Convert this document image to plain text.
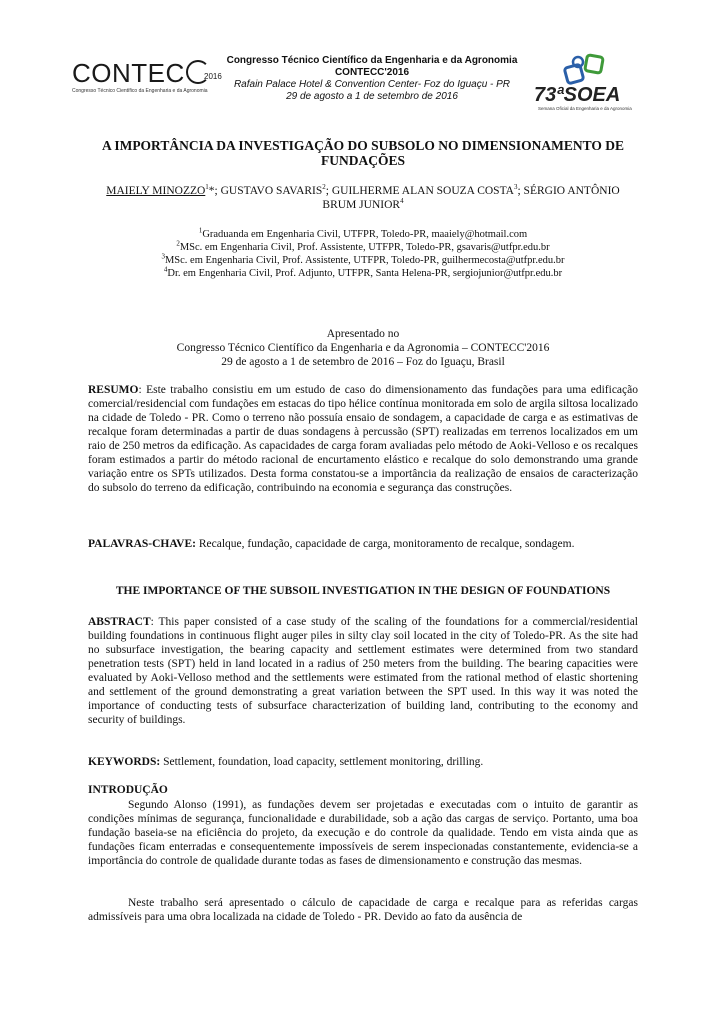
CONTEC	2016
Congresso Técnico Científico da Engenharia e da Agronomia
Congresso Técnico Científico da Engenharia e da Agronomia
CONTECC'2016
Rafain Palace Hotel & Convention Center- Foz do Iguaçu - PR
29 de agosto a 1 de setembro de 2016	73ªSOEA
Semana Oficial da Engenharia e da Agronomia
A IMPORTÂNCIA DA INVESTIGAÇÃO DO SUBSOLO NO DIMENSIONAMENTO DE FUNDAÇÕES
MAIELY MINOZZO$^1$*; GUSTAVO SAVARIS$^2$; GUILHERME ALAN SOUZA COSTA$^3$; SÉRGIO ANTÔNIO BRUM JUNIOR$^4$
$^1$Graduanda em Engenharia Civil, UTFPR, Toledo-PR, maaiely@hotmail.com
$^2$MSc. em Engenharia Civil, Prof. Assistente, UTFPR, Toledo-PR, gsavaris@utfpr.edu.br
$^3$MSc. em Engenharia Civil, Prof. Assistente, UTFPR, Toledo-PR, guilhermecosta@utfpr.edu.br
$^4$Dr. em Engenharia Civil, Prof. Adjunto, UTFPR, Santa Helena-PR, sergiojunior@utfpr.edu.br
Apresentado no
Congresso Técnico Científico da Engenharia e da Agronomia – CONTECC'2016
29 de agosto a 1 de setembro de 2016 – Foz do Iguaçu, Brasil
RESUMO: Este trabalho consistiu em um estudo de caso do dimensionamento das fundações para uma edificação comercial/residencial com fundações em estacas do tipo hélice contínua monitorada em solo de argila siltosa localizado na cidade de Toledo - PR. Como o terreno não possuía ensaio de sondagem, a capacidade de carga e as estimativas de recalque foram determinadas a partir de duas sondagens à percussão (SPT) realizadas em terrenos localizados em um raio de 250 metros da edificação. As capacidades de carga foram avaliadas pelo método de Aoki-Velloso e os recalques foram estimados a partir do método racional de encurtamento elástico e recalque do solo demonstrando uma grande variação entre os SPTs utilizados. Desta forma constatou-se a importância da realização de ensaios de caracterização do subsolo do terreno da edificação, contribuindo na economia e segurança das construções.
PALAVRAS-CHAVE: Recalque, fundação, capacidade de carga, monitoramento de recalque, sondagem.
THE IMPORTANCE OF THE SUBSOIL INVESTIGATION IN THE DESIGN OF FOUNDATIONS
ABSTRACT: This paper consisted of a case study of the scaling of the foundations for a commercial/residential building foundations in continuous flight auger piles in silty clay soil located in the city of Toledo-PR. As the site had no subsurface investigation, the bearing capacity and settlement estimates were determined from two standard penetration tests (SPT) held in land located in a radius of 250 meters from the building. The bearing capacities were evaluated by Aoki-Velloso method and the settlements were estimated from the rational method of elastic shortening and settlement of the ground demonstrating a great variation between the SPT used. In this way it was noted the importance of conducting tests of subsurface characterization of building land, contributing to the economy and security of buildings.
KEYWORDS: Settlement, foundation, load capacity, settlement monitoring, drilling.
INTRODUÇÃO
Segundo Alonso (1991), as fundações devem ser projetadas e executadas com o intuito de garantir as condições mínimas de segurança, funcionalidade e durabilidade, sob a ação das cargas de serviço. Portanto, uma boa fundação baseia-se na eficiência do projeto, da execução e do controle da qualidade. Tendo em vista ainda que as fundações ficam enterradas e consequentemente impossíveis de serem inspecionadas constantemente, evidencia-se a importância do controle de qualidade durante todas as fases de dimensionamento e construção das mesmas.
Neste trabalho será apresentado o cálculo de capacidade de carga e recalque para as referidas cargas admissíveis para uma obra localizada na cidade de Toledo - PR. Devido ao fato da ausência de
